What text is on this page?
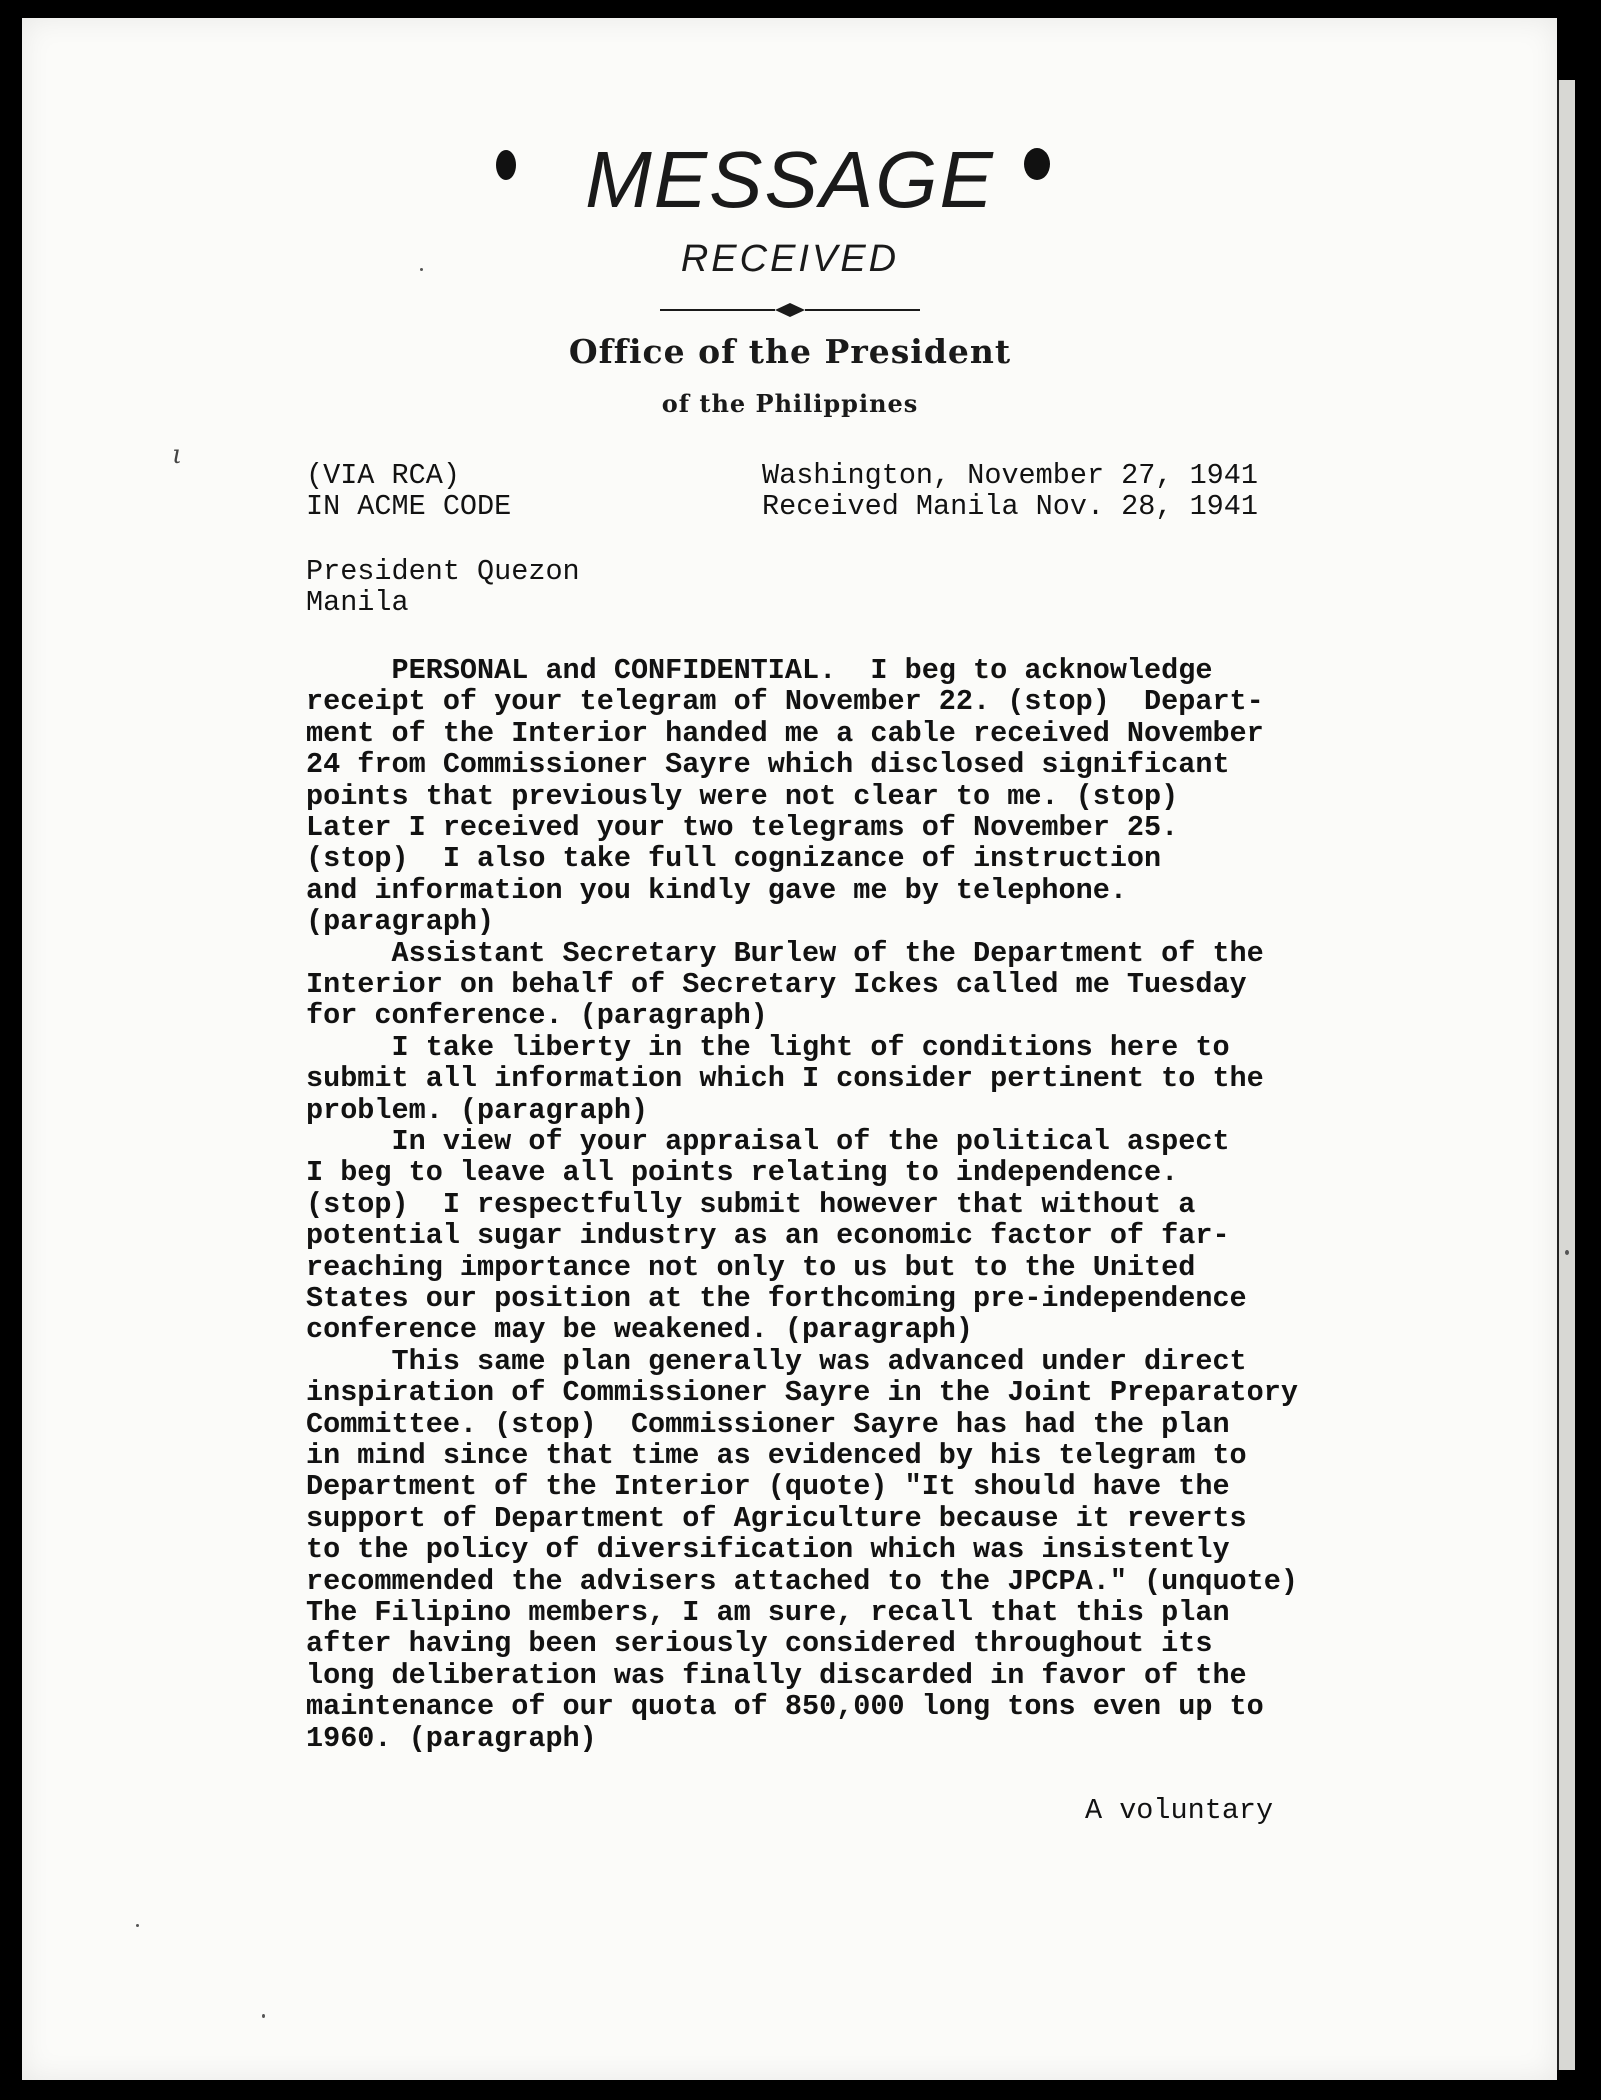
MESSAGE
RECEIVED
Office of the President
of the Philippines
ι

(VIA RCA)

IN ACME CODE

Washington, November 27, 1941

Received Manila Nov. 28, 1941

President Quezon

Manila

PERSONAL and CONFIDENTIAL.  I beg to acknowledge

receipt of your telegram of November 22. (stop)  Depart-

ment of the Interior handed me a cable received November

24 from Commissioner Sayre which disclosed significant

points that previously were not clear to me. (stop)

Later I received your two telegrams of November 25.

(stop)  I also take full cognizance of instruction

and information you kindly gave me by telephone.

(paragraph)

Assistant Secretary Burlew of the Department of the

Interior on behalf of Secretary Ickes called me Tuesday

for conference. (paragraph)

I take liberty in the light of conditions here to

submit all information which I consider pertinent to the

problem. (paragraph)

In view of your appraisal of the political aspect

I beg to leave all points relating to independence.

(stop)  I respectfully submit however that without a

potential sugar industry as an economic factor of far-

reaching importance not only to us but to the United

States our position at the forthcoming pre-independence

conference may be weakened. (paragraph)

This same plan generally was advanced under direct

inspiration of Commissioner Sayre in the Joint Preparatory

Committee. (stop)  Commissioner Sayre has had the plan

in mind since that time as evidenced by his telegram to

Department of the Interior (quote) "It should have the

support of Department of Agriculture because it reverts

to the policy of diversification which was insistently

recommended the advisers attached to the JPCPA." (unquote)

The Filipino members, I am sure, recall that this plan

after having been seriously considered throughout its

long deliberation was finally discarded in favor of the

maintenance of our quota of 850,000 long tons even up to

1960. (paragraph)

A voluntary
